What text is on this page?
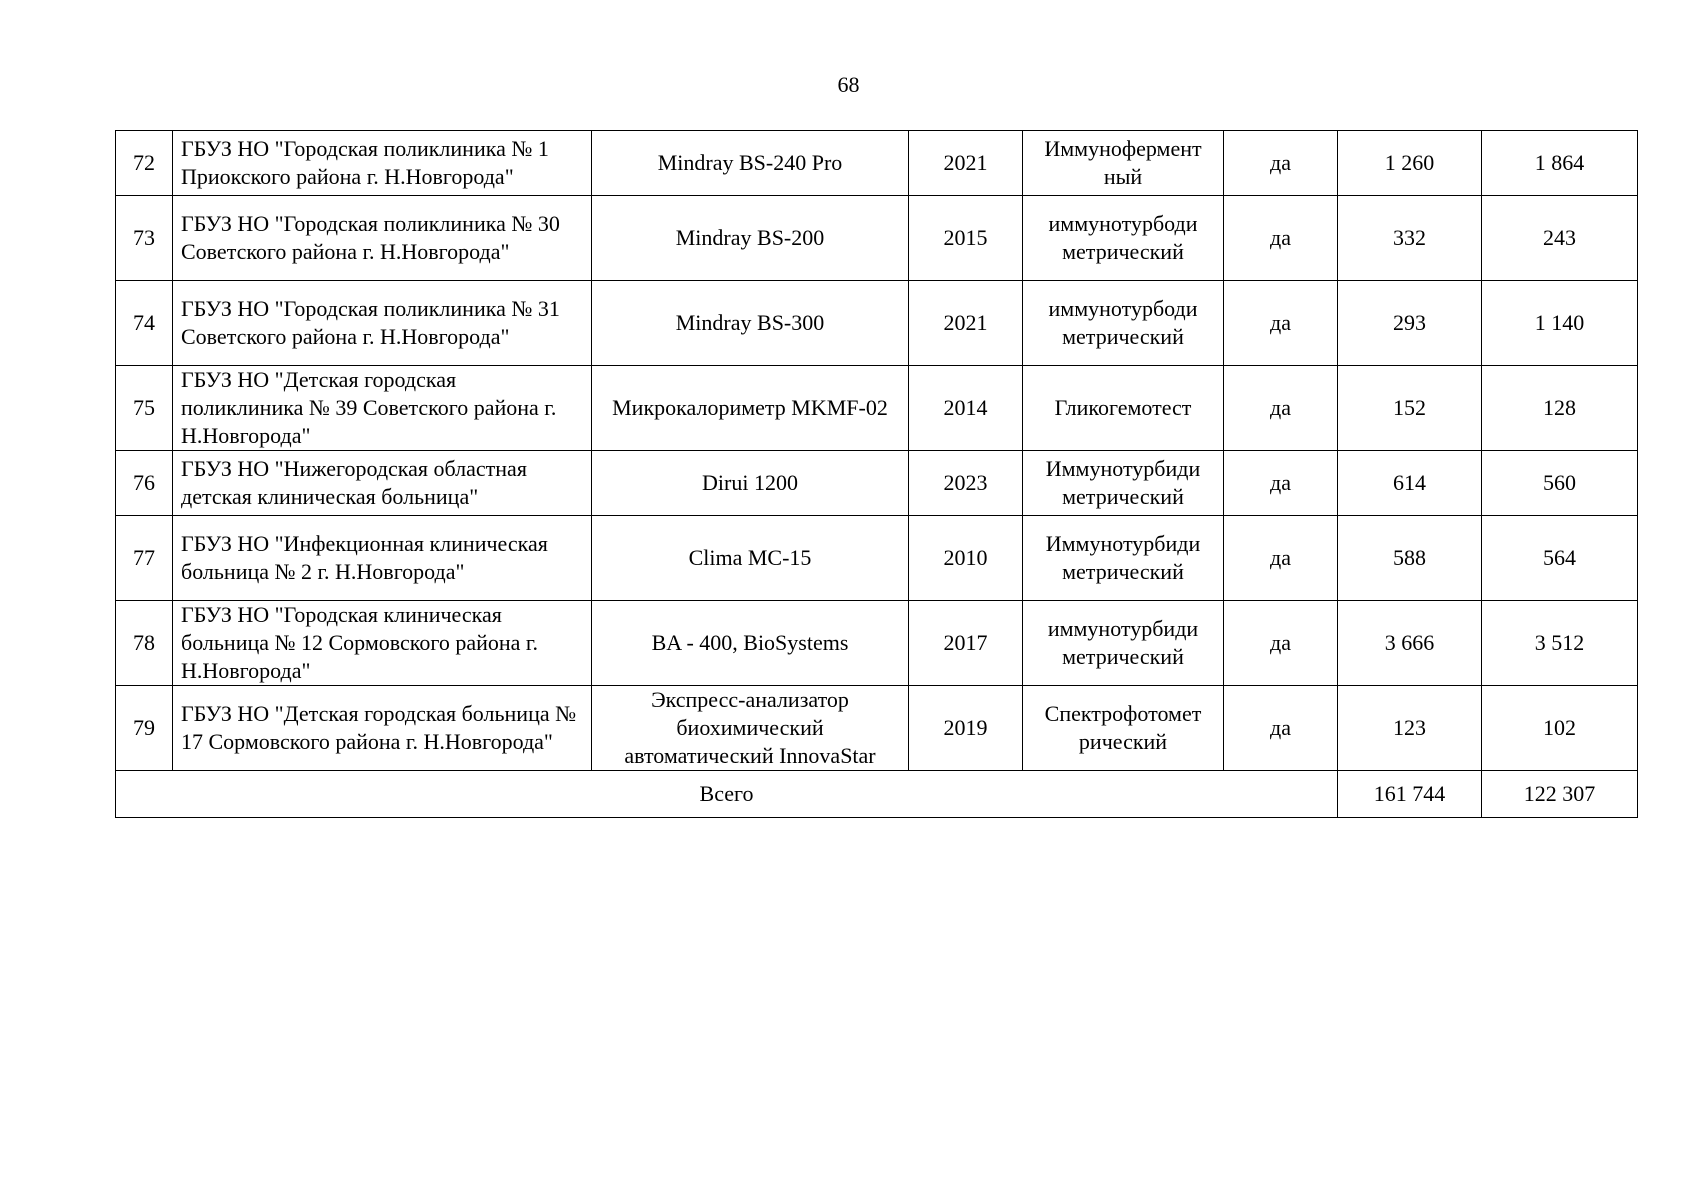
68
72	ГБУЗ НО "Городская поликлиника № 1 Приокского района г. Н.Новгорода"	Mindray BS-240 Pro	2021	Иммунофермент ный	да	1 260	1 864
73	ГБУЗ НО "Городская поликлиника № 30 Советского района г. Н.Новгорода"	Mindray BS-200	2015	иммунотурбоди метрический	да	332	243
74	ГБУЗ НО "Городская поликлиника № 31 Советского района г. Н.Новгорода"	Mindray BS-300	2021	иммунотурбоди метрический	да	293	1 140
75	ГБУЗ НО "Детская городская поликлиника № 39 Советского района г. Н.Новгорода"	Микрокалориметр MKMF-02	2014	Гликогемотест	да	152	128
76	ГБУЗ НО "Нижегородская областная детская клиническая больница"	Dirui 1200	2023	Иммунотурбиди метрический	да	614	560
77	ГБУЗ НО "Инфекционная клиническая больница № 2 г. Н.Новгорода"	Clima MC-15	2010	Иммунотурбиди метрический	да	588	564
78	ГБУЗ НО "Городская клиническая больница № 12 Сормовского района г. Н.Новгорода"	BA - 400, BioSystems	2017	иммунотурбиди метрический	да	3 666	3 512
79	ГБУЗ НО "Детская городская больница № 17 Сормовского района г. Н.Новгорода"	Экспресс-анализатор биохимический автоматический InnovaStar	2019	Спектрофотомет рический	да	123	102
Всего						161 744	122 307
